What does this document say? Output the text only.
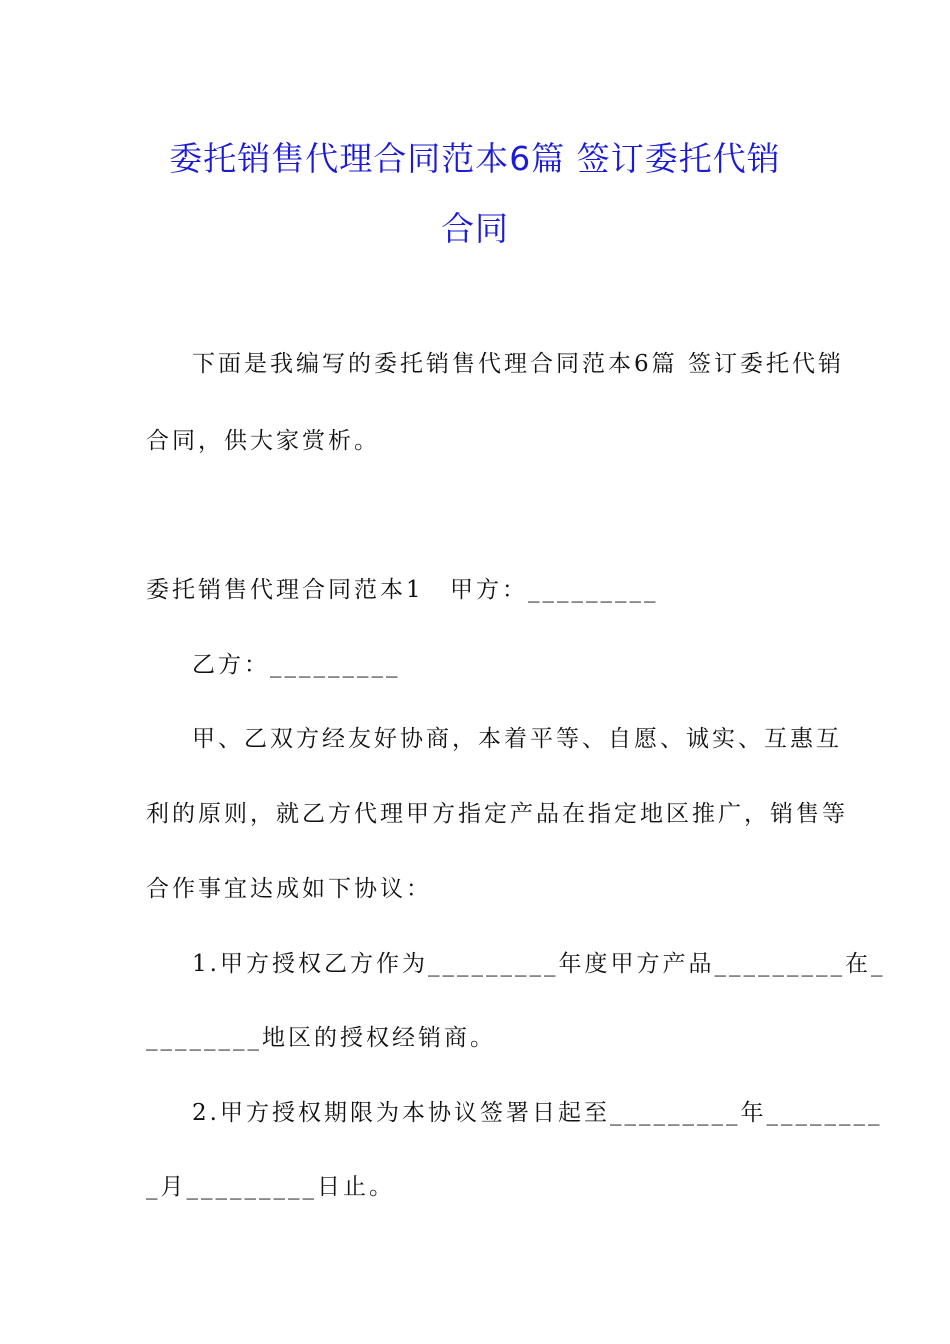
委托销售代理合同范本6篇 签订委托代销
合同
下面是我编写的委托销售代理合同范本6篇 签订委托代销
合同，供大家赏析。
委托销售代理合同范本1 甲方：_________
乙方：_________
甲、乙双方经友好协商，本着平等、自愿、诚实、互惠互
利的原则，就乙方代理甲方指定产品在指定地区推广，销售等
合作事宜达成如下协议：
1.甲方授权乙方作为_________年度甲方产品_________在_
________地区的授权经销商。
2.甲方授权期限为本协议签署日起至_________年________
_月_________日止。
